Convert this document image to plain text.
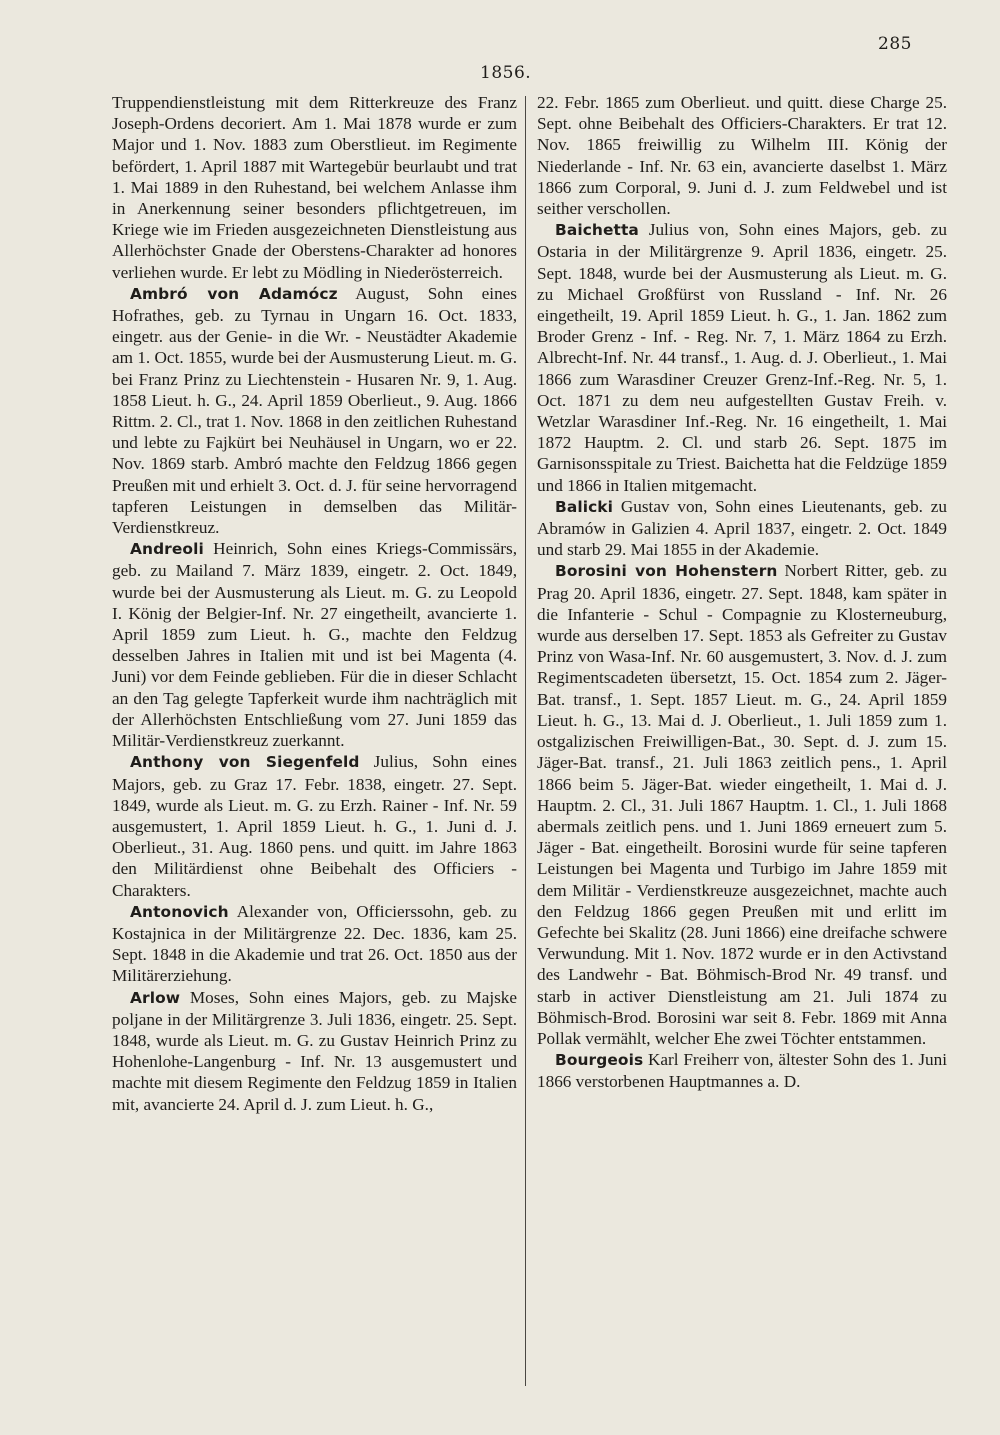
285
1856.

Truppendienstleistung mit dem Ritterkreuze des Franz Joseph-Ordens decoriert. Am 1. Mai 1878 wurde er zum Major und 1. Nov. 1883 zum Oberstlieut. im Regimente befördert, 1. April 1887 mit Wartegebür beurlaubt und trat 1. Mai 1889 in den Ruhestand, bei welchem Anlasse ihm in Anerkennung seiner besonders pflichtgetreuen, im Kriege wie im Frieden ausgezeichneten Dienstleistung aus Allerhöchster Gnade der Oberstens-Charakter ad honores verliehen wurde. Er lebt zu Mödling in Niederösterreich.

Ambró von Adamócz August, Sohn eines Hofrathes, geb. zu Tyrnau in Ungarn 16. Oct. 1833, eingetr. aus der Genie- in die Wr. - Neustädter Akademie am 1. Oct. 1855, wurde bei der Ausmusterung Lieut. m. G. bei Franz Prinz zu Liechtenstein - Husaren Nr. 9, 1. Aug. 1858 Lieut. h. G., 24. April 1859 Oberlieut., 9. Aug. 1866 Rittm. 2. Cl., trat 1. Nov. 1868 in den zeitlichen Ruhestand und lebte zu Fajkürt bei Neuhäusel in Ungarn, wo er 22. Nov. 1869 starb. Ambró machte den Feldzug 1866 gegen Preußen mit und erhielt 3. Oct. d. J. für seine hervorragend tapferen Leistungen in demselben das Militär-Verdienstkreuz.

Andreoli Heinrich, Sohn eines Kriegs-Commissärs, geb. zu Mailand 7. März 1839, eingetr. 2. Oct. 1849, wurde bei der Ausmusterung als Lieut. m. G. zu Leopold I. König der Belgier-Inf. Nr. 27 eingetheilt, avancierte 1. April 1859 zum Lieut. h. G., machte den Feldzug desselben Jahres in Italien mit und ist bei Magenta (4. Juni) vor dem Feinde geblieben. Für die in dieser Schlacht an den Tag gelegte Tapferkeit wurde ihm nachträglich mit der Allerhöchsten Entschließung vom 27. Juni 1859 das Militär-Verdienstkreuz zuerkannt.

Anthony von Siegenfeld Julius, Sohn eines Majors, geb. zu Graz 17. Febr. 1838, eingetr. 27. Sept. 1849, wurde als Lieut. m. G. zu Erzh. Rainer - Inf. Nr. 59 ausgemustert, 1. April 1859 Lieut. h. G., 1. Juni d. J. Oberlieut., 31. Aug. 1860 pens. und quitt. im Jahre 1863 den Militärdienst ohne Beibehalt des Officiers - Charakters.

Antonovich Alexander von, Officierssohn, geb. zu Kostajnica in der Militärgrenze 22. Dec. 1836, kam 25. Sept. 1848 in die Akademie und trat 26. Oct. 1850 aus der Militärerziehung.

Arlow Moses, Sohn eines Majors, geb. zu Majske poljane in der Militärgrenze 3. Juli 1836, eingetr. 25. Sept. 1848, wurde als Lieut. m. G. zu Gustav Heinrich Prinz zu Hohenlohe-Langenburg - Inf. Nr. 13 ausgemustert und machte mit diesem Regimente den Feldzug 1859 in Italien mit, avancierte 24. April d. J. zum Lieut. h. G.,

22. Febr. 1865 zum Oberlieut. und quitt. diese Charge 25. Sept. ohne Beibehalt des Officiers-Charakters. Er trat 12. Nov. 1865 freiwillig zu Wilhelm III. König der Niederlande - Inf. Nr. 63 ein, avancierte daselbst 1. März 1866 zum Corporal, 9. Juni d. J. zum Feldwebel und ist seither verschollen.

Baichetta Julius von, Sohn eines Majors, geb. zu Ostaria in der Militärgrenze 9. April 1836, eingetr. 25. Sept. 1848, wurde bei der Ausmusterung als Lieut. m. G. zu Michael Großfürst von Russland - Inf. Nr. 26 eingetheilt, 19. April 1859 Lieut. h. G., 1. Jan. 1862 zum Broder Grenz - Inf. - Reg. Nr. 7, 1. März 1864 zu Erzh. Albrecht-Inf. Nr. 44 transf., 1. Aug. d. J. Oberlieut., 1. Mai 1866 zum Warasdiner Creuzer Grenz-Inf.-Reg. Nr. 5, 1. Oct. 1871 zu dem neu aufgestellten Gustav Freih. v. Wetzlar Warasdiner Inf.-Reg. Nr. 16 eingetheilt, 1. Mai 1872 Hauptm. 2. Cl. und starb 26. Sept. 1875 im Garnisonsspitale zu Triest. Baichetta hat die Feldzüge 1859 und 1866 in Italien mitgemacht.

Balicki Gustav von, Sohn eines Lieutenants, geb. zu Abramów in Galizien 4. April 1837, eingetr. 2. Oct. 1849 und starb 29. Mai 1855 in der Akademie.

Borosini von Hohenstern Norbert Ritter, geb. zu Prag 20. April 1836, eingetr. 27. Sept. 1848, kam später in die Infanterie - Schul - Compagnie zu Klosterneuburg, wurde aus derselben 17. Sept. 1853 als Gefreiter zu Gustav Prinz von Wasa-Inf. Nr. 60 ausgemustert, 3. Nov. d. J. zum Regimentscadeten übersetzt, 15. Oct. 1854 zum 2. Jäger-Bat. transf., 1. Sept. 1857 Lieut. m. G., 24. April 1859 Lieut. h. G., 13. Mai d. J. Oberlieut., 1. Juli 1859 zum 1. ostgalizischen Freiwilligen-Bat., 30. Sept. d. J. zum 15. Jäger-Bat. transf., 21. Juli 1863 zeitlich pens., 1. April 1866 beim 5. Jäger-Bat. wieder eingetheilt, 1. Mai d. J. Hauptm. 2. Cl., 31. Juli 1867 Hauptm. 1. Cl., 1. Juli 1868 abermals zeitlich pens. und 1. Juni 1869 erneuert zum 5. Jäger - Bat. eingetheilt. Borosini wurde für seine tapferen Leistungen bei Magenta und Turbigo im Jahre 1859 mit dem Militär - Verdienstkreuze ausgezeichnet, machte auch den Feldzug 1866 gegen Preußen mit und erlitt im Gefechte bei Skalitz (28. Juni 1866) eine dreifache schwere Verwundung. Mit 1. Nov. 1872 wurde er in den Activstand des Landwehr - Bat. Böhmisch-Brod Nr. 49 transf. und starb in activer Dienstleistung am 21. Juli 1874 zu Böhmisch-Brod. Borosini war seit 8. Febr. 1869 mit Anna Pollak vermählt, welcher Ehe zwei Töchter entstammen.

Bourgeois Karl Freiherr von, ältester Sohn des 1. Juni 1866 verstorbenen Hauptmannes a. D.
